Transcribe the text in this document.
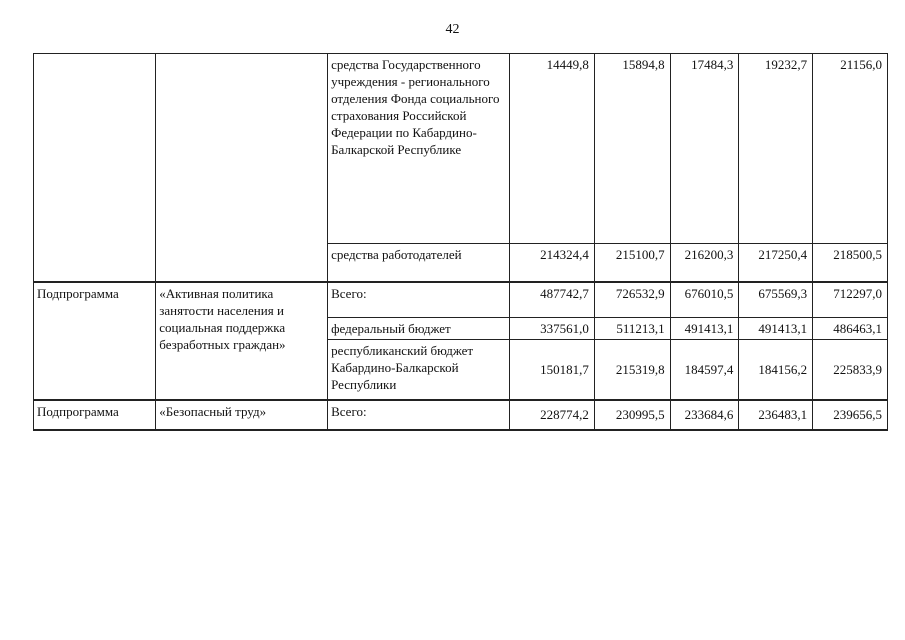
42
		средства Государственного учреждения - регионального отделения Фонда социального страхования Российской Федерации по Кабардино-Балкарской Республике	14449,8	15894,8	17484,3	19232,7	21156,0
		средства работодателей	214324,4	215100,7	216200,3	217250,4	218500,5
Подпрограмма	«Активная политика занятости населения и социальная поддержка безработных граждан»	Всего:	487742,7	726532,9	676010,5	675569,3	712297,0
		федеральный бюджет	337561,0	511213,1	491413,1	491413,1	486463,1
		республиканский бюджет Кабардино-Балкарской Республики	150181,7	215319,8	184597,4	184156,2	225833,9
Подпрограмма	«Безопасный труд»	Всего:	228774,2	230995,5	233684,6	236483,1	239656,5
